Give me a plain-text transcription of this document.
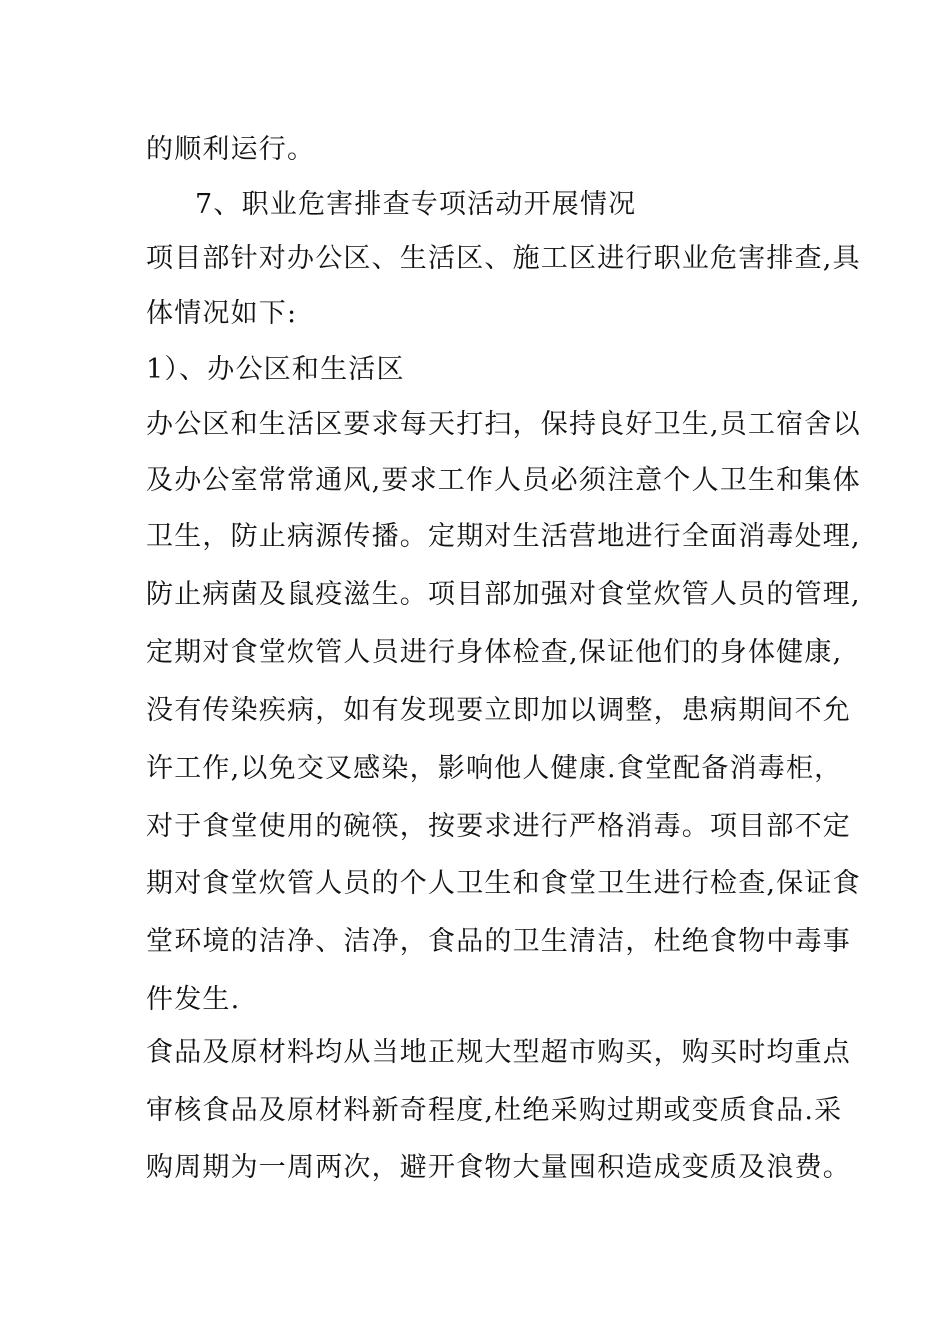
的顺利运行。
7、职业危害排查专项活动开展情况
项目部针对办公区、生活区、施工区进行职业危害排查,具
体情况如下:
1）、办公区和生活区
办公区和生活区要求每天打扫，保持良好卫生,员工宿舍以
及办公室常常通风,要求工作人员必须注意个人卫生和集体
卫生，防止病源传播。定期对生活营地进行全面消毒处理,
防止病菌及鼠疫滋生。项目部加强对食堂炊管人员的管理,
定期对食堂炊管人员进行身体检查,保证他们的身体健康,
没有传染疾病，如有发现要立即加以调整，患病期间不允
许工作,以免交叉感染，影响他人健康.食堂配备消毒柜，
对于食堂使用的碗筷，按要求进行严格消毒。项目部不定
期对食堂炊管人员的个人卫生和食堂卫生进行检查,保证食
堂环境的洁净、洁净，食品的卫生清洁，杜绝食物中毒事
件发生.
食品及原材料均从当地正规大型超市购买，购买时均重点
审核食品及原材料新奇程度,杜绝采购过期或变质食品.采
购周期为一周两次，避开食物大量囤积造成变质及浪费。
